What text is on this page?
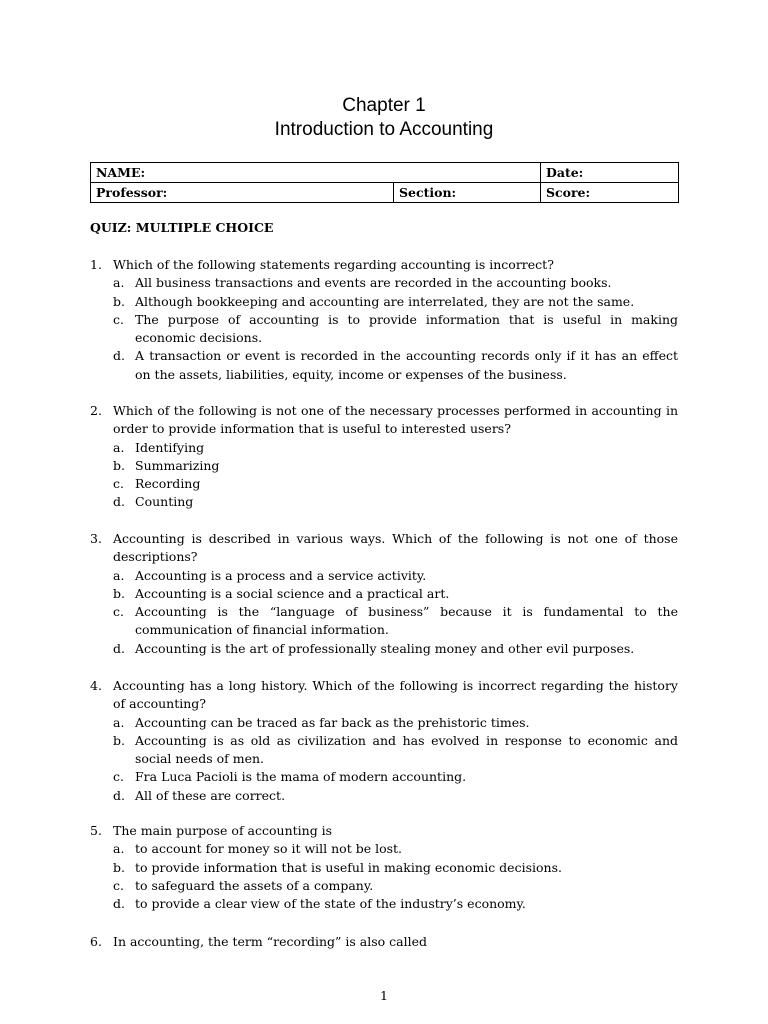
Chapter 1
Introduction to Accounting
NAME:		Date:
Professor:	Section:	Score:
QUIZ: MULTIPLE CHOICE
1. Which of the following statements regarding accounting is incorrect?
a. All business transactions and events are recorded in the accounting books.
b. Although bookkeeping and accounting are interrelated, they are not the same.
c. The purpose of accounting is to provide information that is useful in making economic decisions.
d. A transaction or event is recorded in the accounting records only if it has an effect on the assets, liabilities, equity, income or expenses of the business.
2. Which of the following is not one of the necessary processes performed in accounting in order to provide information that is useful to interested users?
a. Identifying
b. Summarizing
c. Recording
d. Counting
3. Accounting is described in various ways. Which of the following is not one of those descriptions?
a. Accounting is a process and a service activity.
b. Accounting is a social science and a practical art.
c. Accounting is the “language of business” because it is fundamental to the communication of financial information.
d. Accounting is the art of professionally stealing money and other evil purposes.
4. Accounting has a long history. Which of the following is incorrect regarding the history of accounting?
a. Accounting can be traced as far back as the prehistoric times.
b. Accounting is as old as civilization and has evolved in response to economic and social needs of men.
c. Fra Luca Pacioli is the mama of modern accounting.
d. All of these are correct.
5. The main purpose of accounting is
a. to account for money so it will not be lost.
b. to provide information that is useful in making economic decisions.
c. to safeguard the assets of a company.
d. to provide a clear view of the state of the industry’s economy.
6. In accounting, the term “recording” is also called
1
